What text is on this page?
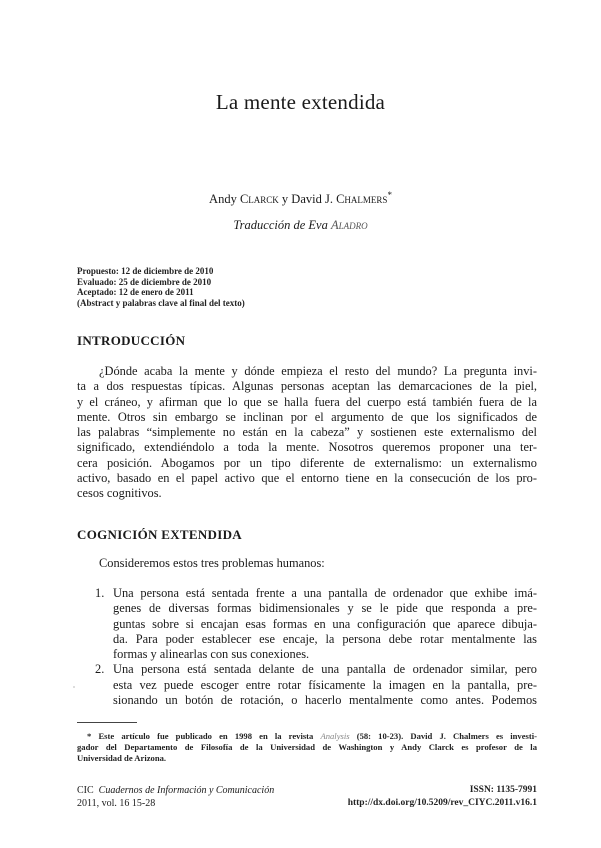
La mente extendida
Andy Clarck y David J. Chalmers*
Traducción de Eva Aladro
Propuesto: 12 de diciembre de 2010
Evaluado: 25 de diciembre de 2010
Aceptado: 12 de enero de 2011
(Abstract y palabras clave al final del texto)
INTRODUCCIÓN
¿Dónde acaba la mente y dónde empieza el resto del mundo? La pregunta invi-
ta a dos respuestas típicas. Algunas personas aceptan las demarcaciones de la piel,
y el cráneo, y afirman que lo que se halla fuera del cuerpo está también fuera de la
mente. Otros sin embargo se inclinan por el argumento de que los significados de
las palabras “simplemente no están en la cabeza” y sostienen este externalismo del
significado, extendiéndolo a toda la mente. Nosotros queremos proponer una ter-
cera posición. Abogamos por un tipo diferente de externalismo: un externalismo
activo, basado en el papel activo que el entorno tiene en la consecución de los pro-
cesos cognitivos.
COGNICIÓN EXTENDIDA
Consideremos estos tres problemas humanos:
1. Una persona está sentada frente a una pantalla de ordenador que exhibe imá-
genes de diversas formas bidimensionales y se le pide que responda a pre-
guntas sobre si encajan esas formas en una configuración que aparece dibuja-
da. Para poder establecer ese encaje, la persona debe rotar mentalmente las
formas y alinearlas con sus conexiones.
2. Una persona está sentada delante de una pantalla de ordenador similar, pero
esta vez puede escoger entre rotar físicamente la imagen en la pantalla, pre-
sionando un botón de rotación, o hacerlo mentalmente como antes. Podemos
* Este artículo fue publicado en 1998 en la revista Analysis (58: 10-23). David J. Chalmers es investi-
gador del Departamento de Filosofía de la Universidad de Washington y Andy Clarck es profesor de la
Universidad de Arizona.
CIC Cuadernos de Información y Comunicación
2011, vol. 16 15-28
ISSN: 1135-7991
http://dx.doi.org/10.5209/rev_CIYC.2011.v16.1
